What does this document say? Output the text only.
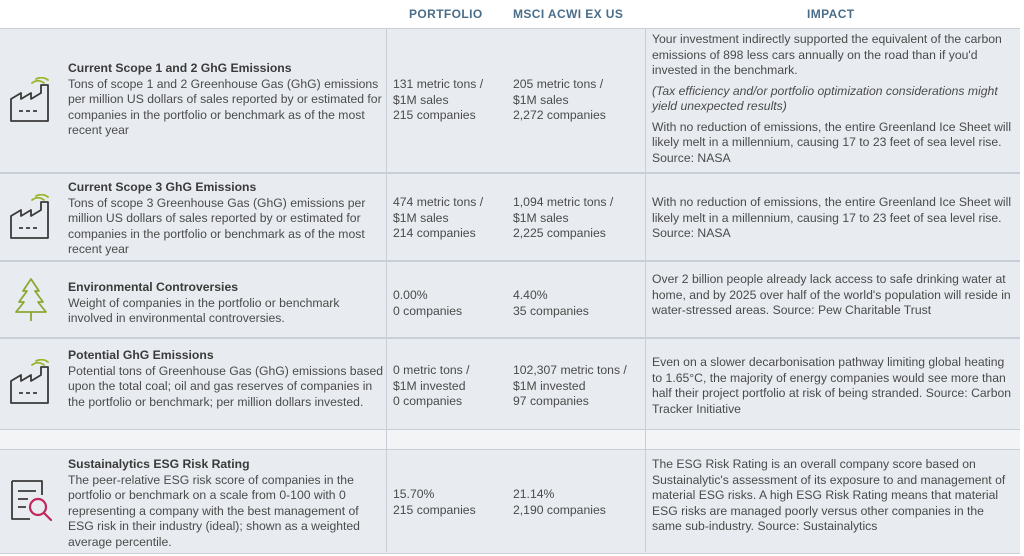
PORTFOLIO	MSCI ACWI EX US	IMPACT
Current Scope 1 and 2 GhG Emissions
Tons of scope 1 and 2 Greenhouse Gas (GhG) emissions per million US dollars of sales reported by or estimated for companies in the portfolio or benchmark as of the most recent year
131 metric tons /
$1M sales
215 companies
205 metric tons /
$1M sales
2,272 companies

Your investment indirectly supported the equivalent of the carbon emissions of 898 less cars annually on the road than if you'd invested in the benchmark.

(Tax efficiency and/or portfolio optimization considerations might yield unexpected results)

With no reduction of emissions, the entire Greenland Ice Sheet will likely melt in a millennium, causing 17 to 23 feet of sea level rise. Source: NASA

Current Scope 3 GhG Emissions
Tons of scope 3 Greenhouse Gas (GhG) emissions per million US dollars of sales reported by or estimated for companies in the portfolio or benchmark as of the most recent year
474 metric tons /
$1M sales
214 companies
1,094 metric tons /
$1M sales
2,225 companies

With no reduction of emissions, the entire Greenland Ice Sheet will likely melt in a millennium, causing 17 to 23 feet of sea level rise. Source: NASA

Environmental Controversies
Weight of companies in the portfolio or benchmark involved in environmental controversies.
0.00%
0 companies
4.40%
35 companies

Over 2 billion people already lack access to safe drinking water at home, and by 2025 over half of the world's population will reside in water-stressed areas. Source: Pew Charitable Trust

Potential GhG Emissions
Potential tons of Greenhouse Gas (GhG) emissions based upon the total coal; oil and gas reserves of companies in the portfolio or benchmark; per million dollars invested.
0 metric tons /
$1M invested
0 companies
102,307 metric tons /
$1M invested
97 companies

Even on a slower decarbonisation pathway limiting global heating to 1.65°C, the majority of energy companies would see more than half their project portfolio at risk of being stranded. Source: Carbon Tracker Initiative

Sustainalytics ESG Risk Rating
The peer-relative ESG risk score of companies in the portfolio or benchmark on a scale from 0-100 with 0 representing a company with the best management of ESG risk in their industry (ideal); shown as a weighted average percentile.
15.70%
215 companies
21.14%
2,190 companies

The ESG Risk Rating is an overall company score based on Sustainalytic's assessment of its exposure to and management of material ESG risks. A high ESG Risk Rating means that material ESG risks are managed poorly versus other companies in the same sub-industry. Source: Sustainalytics
